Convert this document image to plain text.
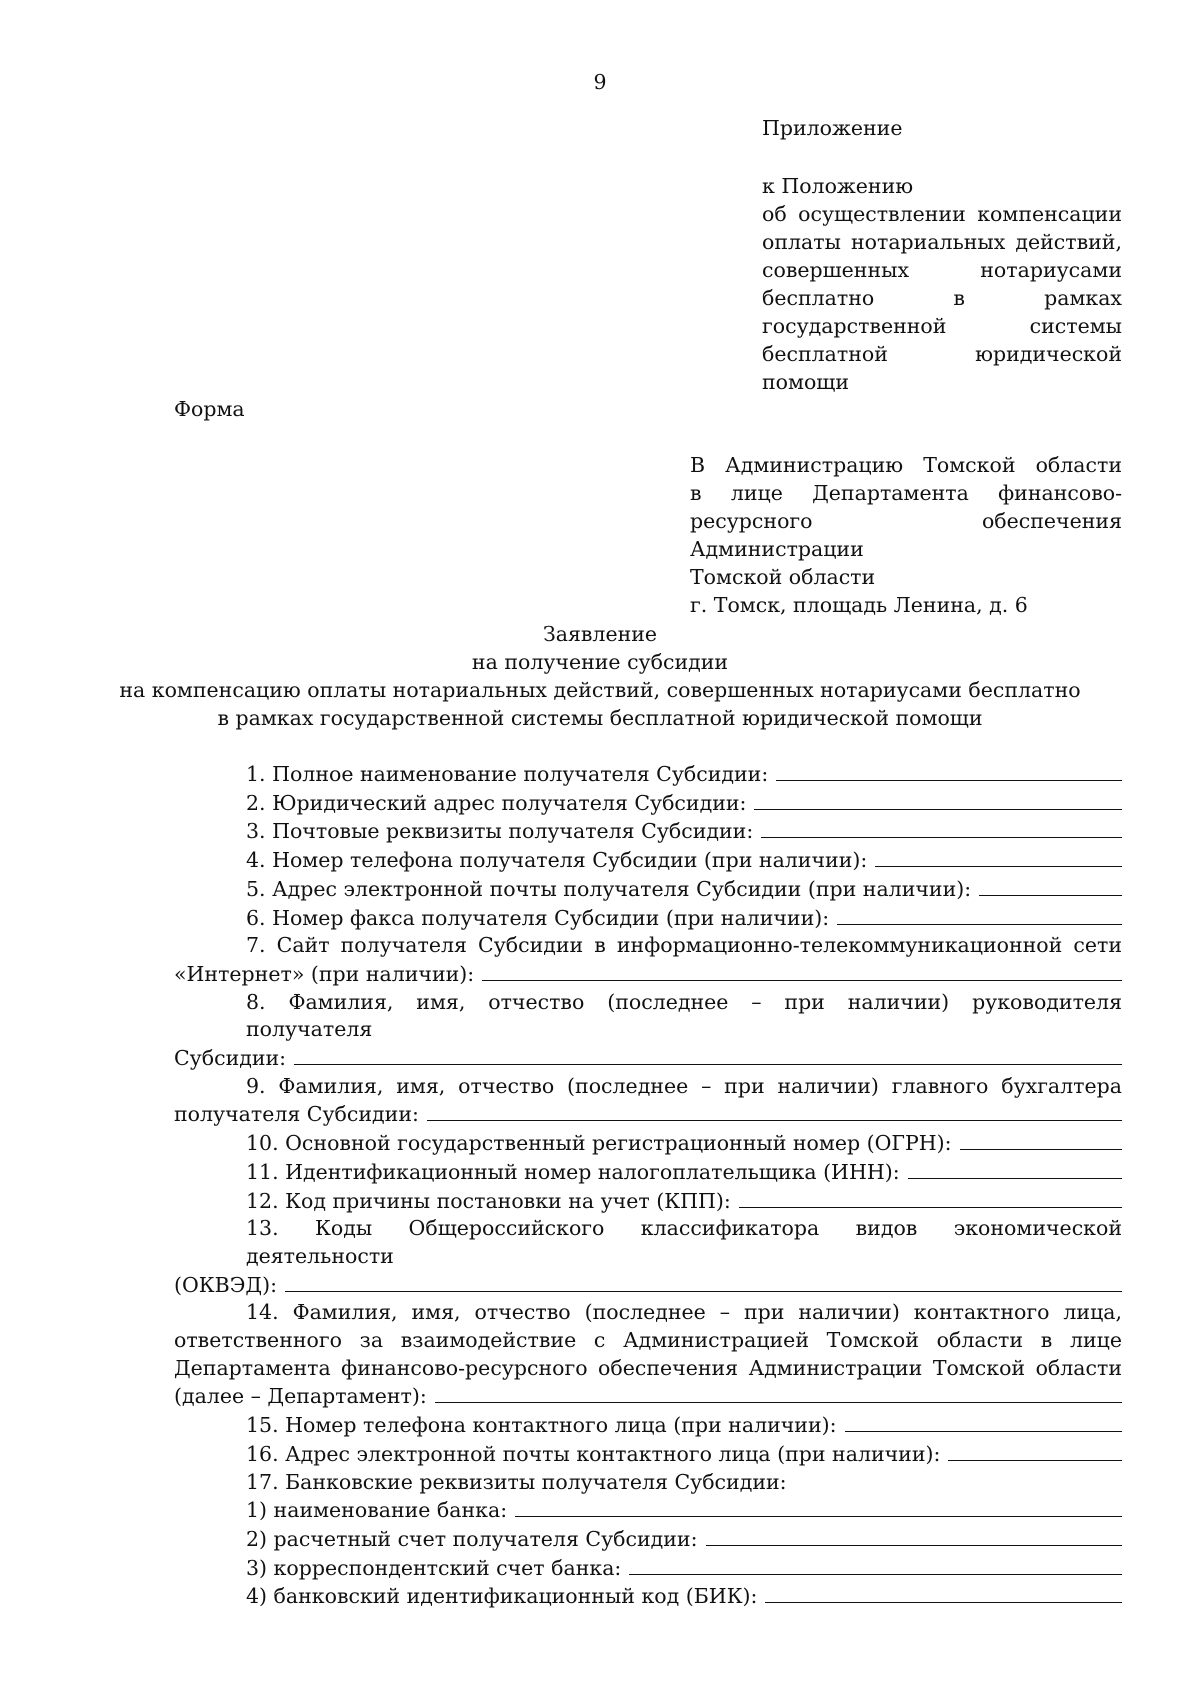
9
Приложение
к Положению
об осуществлении компенсации
оплаты нотариальных действий,
совершенных нотариусами
бесплатно в рамках
государственной системы
бесплатной юридической помощи
Форма
В Администрацию Томской области
в лице Департамента финансово-
ресурсного обеспечения Администрации
Томской области
г. Томск, площадь Ленина, д. 6
Заявление
на получение субсидии
на компенсацию оплаты нотариальных действий, совершенных нотариусами бесплатно
в рамках государственной системы бесплатной юридической помощи
1. Полное наименование получателя Субсидии:
2. Юридический адрес получателя Субсидии:
3. Почтовые реквизиты получателя Субсидии:
4. Номер телефона получателя Субсидии (при наличии):
5. Адрес электронной почты получателя Субсидии (при наличии):
6. Номер факса получателя Субсидии (при наличии):
7. Сайт получателя Субсидии в информационно-телекоммуникационной сети
«Интернет» (при наличии):
8. Фамилия, имя, отчество (последнее – при наличии) руководителя получателя
Субсидии:
9. Фамилия, имя, отчество (последнее – при наличии) главного бухгалтера
получателя Субсидии:
10. Основной государственный регистрационный номер (ОГРН):
11. Идентификационный номер налогоплательщика (ИНН):
12. Код причины постановки на учет (КПП):
13. Коды Общероссийского классификатора видов экономической деятельности
(ОКВЭД):
14. Фамилия, имя, отчество (последнее – при наличии) контактного лица,
ответственного за взаимодействие с Администрацией Томской области в лице
Департамента финансово-ресурсного обеспечения Администрации Томской области
(далее – Департамент):
15. Номер телефона контактного лица (при наличии):
16. Адрес электронной почты контактного лица (при наличии):
17. Банковские реквизиты получателя Субсидии:
1) наименование банка:
2) расчетный счет получателя Субсидии:
3) корреспондентский счет банка:
4) банковский идентификационный код (БИК):
